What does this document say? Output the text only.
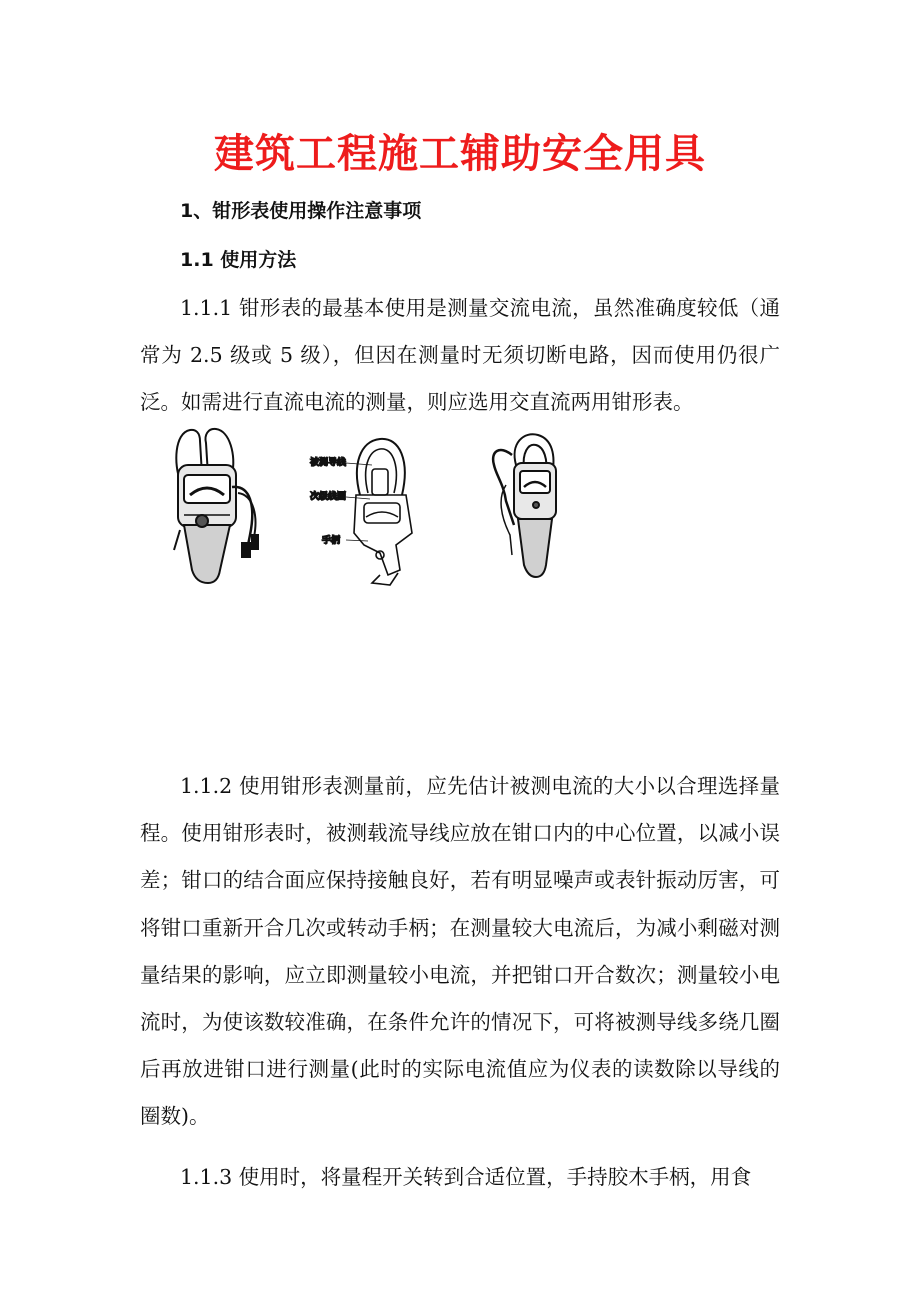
建筑工程施工辅助安全用具

1、钳形表使用操作注意事项

1.1 使用方法

1.1.1 钳形表的最基本使用是测量交流电流，虽然准确度较低（通常为 2.5 级或 5 级），但因在测量时无须切断电路，因而使用仍很广泛。如需进行直流电流的测量，则应选用交直流两用钳形表。

被测导线
次级线圈
手柄

1.1.2 使用钳形表测量前，应先估计被测电流的大小以合理选择量程。使用钳形表时，被测载流导线应放在钳口内的中心位置，以减小误差；钳口的结合面应保持接触良好，若有明显噪声或表针振动厉害，可将钳口重新开合几次或转动手柄；在测量较大电流后，为减小剩磁对测量结果的影响，应立即测量较小电流，并把钳口开合数次；测量较小电流时，为使该数较准确，在条件允许的情况下，可将被测导线多绕几圈后再放进钳口进行测量(此时的实际电流值应为仪表的读数除以导线的圈数)。

1.1.3 使用时，将量程开关转到合适位置，手持胶木手柄，用食
